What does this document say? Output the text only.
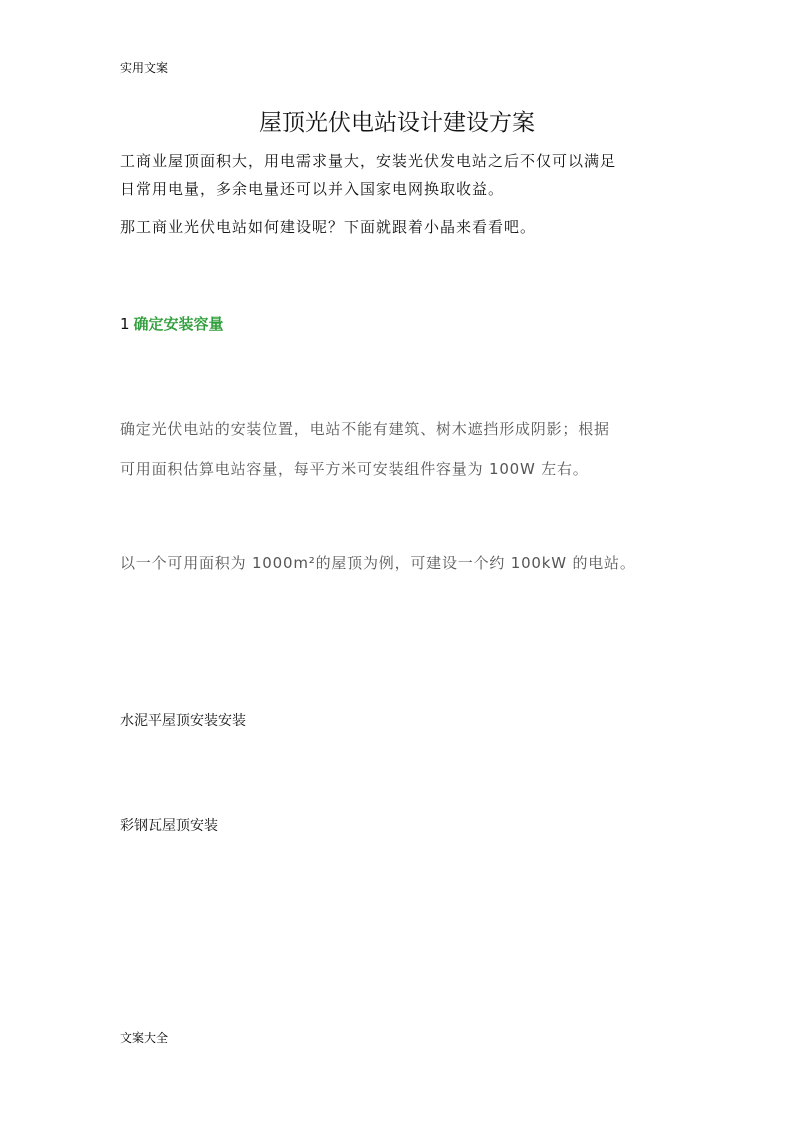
实用文案
屋顶光伏电站设计建设方案
工商业屋顶面积大，用电需求量大，安装光伏发电站之后不仅可以满足
日常用电量，多余电量还可以并入国家电网换取收益。
那工商业光伏电站如何建设呢？下面就跟着小晶来看看吧。
1 确定安装容量
确定光伏电站的安装位置，电站不能有建筑、树木遮挡形成阴影；根据
可用面积估算电站容量，每平方米可安装组件容量为 100W 左右。
以一个可用面积为 1000m²的屋顶为例，可建设一个约 100kW 的电站。
水泥平屋顶安装安装
彩钢瓦屋顶安装
文案大全
